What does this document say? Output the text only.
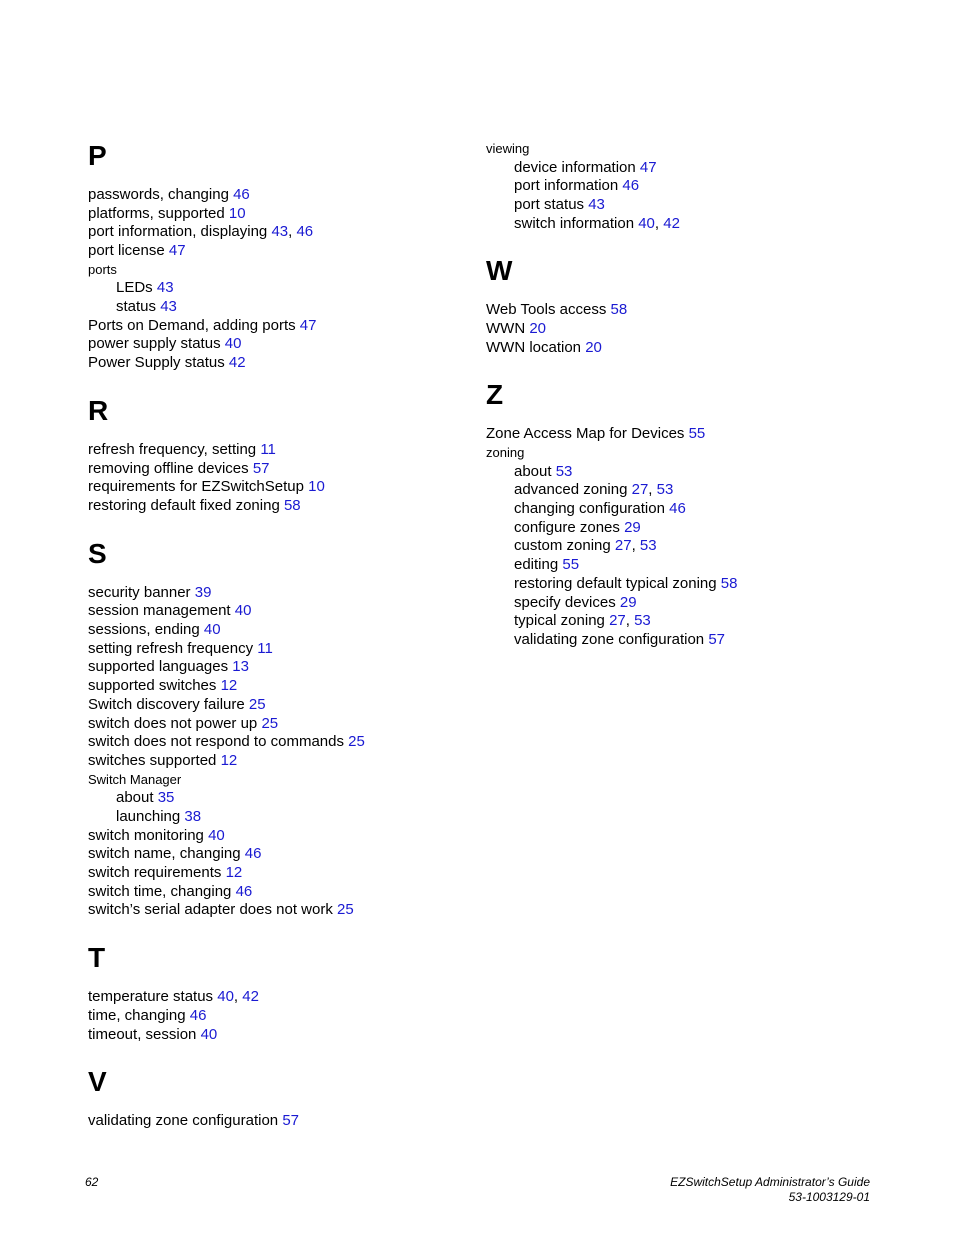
P
passwords, changing 46
platforms, supported 10
port information, displaying 43, 46
port license 47
ports
LEDs 43
status 43
Ports on Demand, adding ports 47
power supply status 40
Power Supply status 42
R
refresh frequency, setting 11
removing offline devices 57
requirements for EZSwitchSetup 10
restoring default fixed zoning 58
S
security banner 39
session management 40
sessions, ending 40
setting refresh frequency 11
supported languages 13
supported switches 12
Switch discovery failure 25
switch does not power up 25
switch does not respond to commands 25
switches supported 12
Switch Manager
about 35
launching 38
switch monitoring 40
switch name, changing 46
switch requirements 12
switch time, changing 46
switch’s serial adapter does not work 25
T
temperature status 40, 42
time, changing 46
timeout, session 40
V
validating zone configuration 57
viewing
device information 47
port information 46
port status 43
switch information 40, 42
W
Web Tools access 58
WWN 20
WWN location 20
Z
Zone Access Map for Devices 55
zoning
about 53
advanced zoning 27, 53
changing configuration 46
configure zones 29
custom zoning 27, 53
editing 55
restoring default typical zoning 58
specify devices 29
typical zoning 27, 53
validating zone configuration 57
62	EZSwitchSetup Administrator’s Guide
53-1003129-01
